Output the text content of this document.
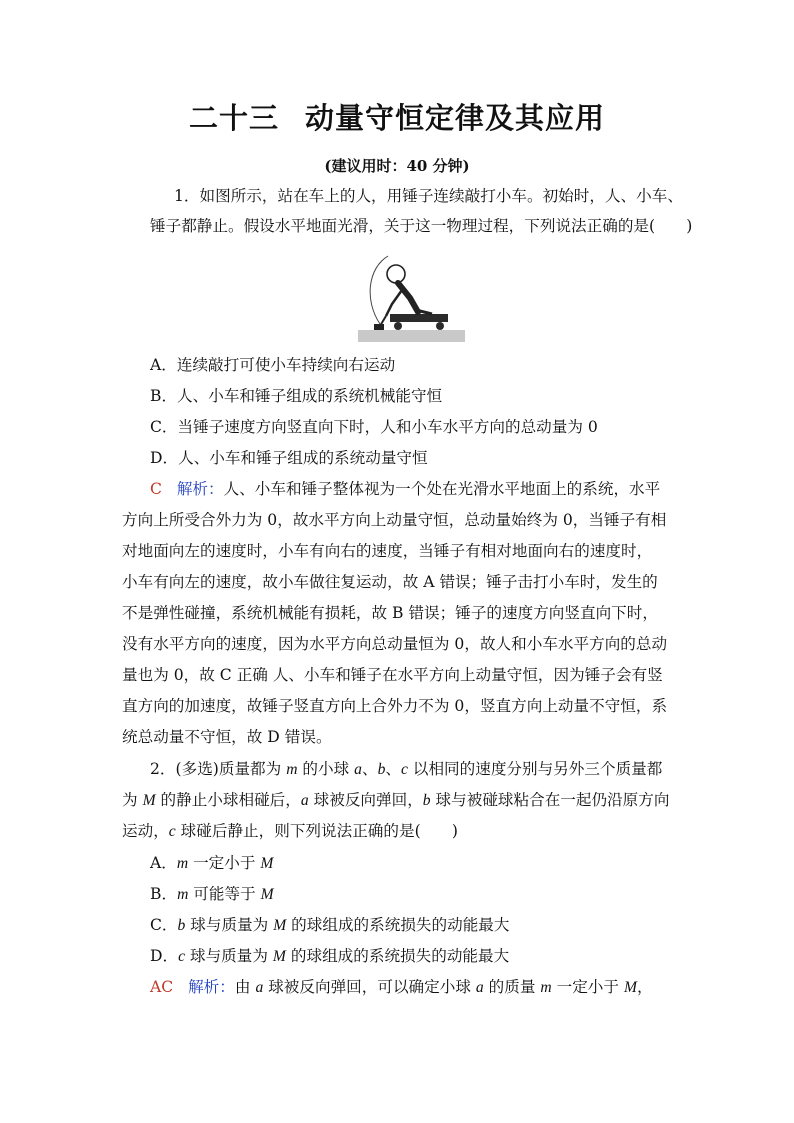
二十三 动量守恒定律及其应用
(建议用时：40 分钟)
1．如图所示，站在车上的人，用锤子连续敲打小车。初始时，人、小车、
锤子都静止。假设水平地面光滑，关于这一物理过程，下列说法正确的是(　　)
A．连续敲打可使小车持续向右运动
B．人、小车和锤子组成的系统机械能守恒
C．当锤子速度方向竖直向下时，人和小车水平方向的总动量为 0
D．人、小车和锤子组成的系统动量守恒
C 解析：人、小车和锤子整体视为一个处在光滑水平地面上的系统，水平
方向上所受合外力为 0，故水平方向上动量守恒，总动量始终为 0，当锤子有相
对地面向左的速度时，小车有向右的速度，当锤子有相对地面向右的速度时，
小车有向左的速度，故小车做往复运动，故 A 错误；锤子击打小车时，发生的
不是弹性碰撞，系统机械能有损耗，故 B 错误；锤子的速度方向竖直向下时，
没有水平方向的速度，因为水平方向总动量恒为 0，故人和小车水平方向的总动
量也为 0，故 C 正确 人、小车和锤子在水平方向上动量守恒，因为锤子会有竖
直方向的加速度，故锤子竖直方向上合外力不为 0，竖直方向上动量不守恒，系
统总动量不守恒，故 D 错误。
2．(多选)质量都为 m 的小球 a、b、c 以相同的速度分别与另外三个质量都
为 M 的静止小球相碰后，a 球被反向弹回，b 球与被碰球粘合在一起仍沿原方向
运动，c 球碰后静止，则下列说法正确的是(　　)
A．m 一定小于 M
B．m 可能等于 M
C．b 球与质量为 M 的球组成的系统损失的动能最大
D．c 球与质量为 M 的球组成的系统损失的动能最大
AC 解析：由 a 球被反向弹回，可以确定小球 a 的质量 m 一定小于 M，
